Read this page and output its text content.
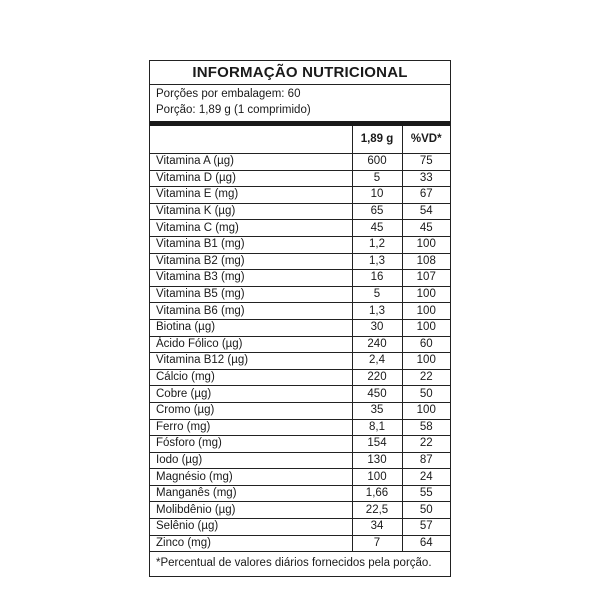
INFORMAÇÃO NUTRICIONAL
Porções por embalagem: 60
Porção: 1,89 g (1 comprimido)
	1,89 g	%VD*
Vitamina A (µg)	600	75
Vitamina D (µg)	5	33
Vitamina E (mg)	10	67
Vitamina K (µg)	65	54
Vitamina C (mg)	45	45
Vitamina B1 (mg)	1,2	100
Vitamina B2 (mg)	1,3	108
Vitamina B3 (mg)	16	107
Vitamina B5 (mg)	5	100
Vitamina B6 (mg)	1,3	100
Biotina (µg)	30	100
Ácido Fólico (µg)	240	60
Vitamina B12 (µg)	2,4	100
Cálcio (mg)	220	22
Cobre (µg)	450	50
Cromo (µg)	35	100
Ferro (mg)	8,1	58
Fósforo (mg)	154	22
Iodo (µg)	130	87
Magnésio (mg)	100	24
Manganês (mg)	1,66	55
Molibdênio (µg)	22,5	50
Selênio (µg)	34	57
Zinco (mg)	7	64
*Percentual de valores diários fornecidos pela porção.
